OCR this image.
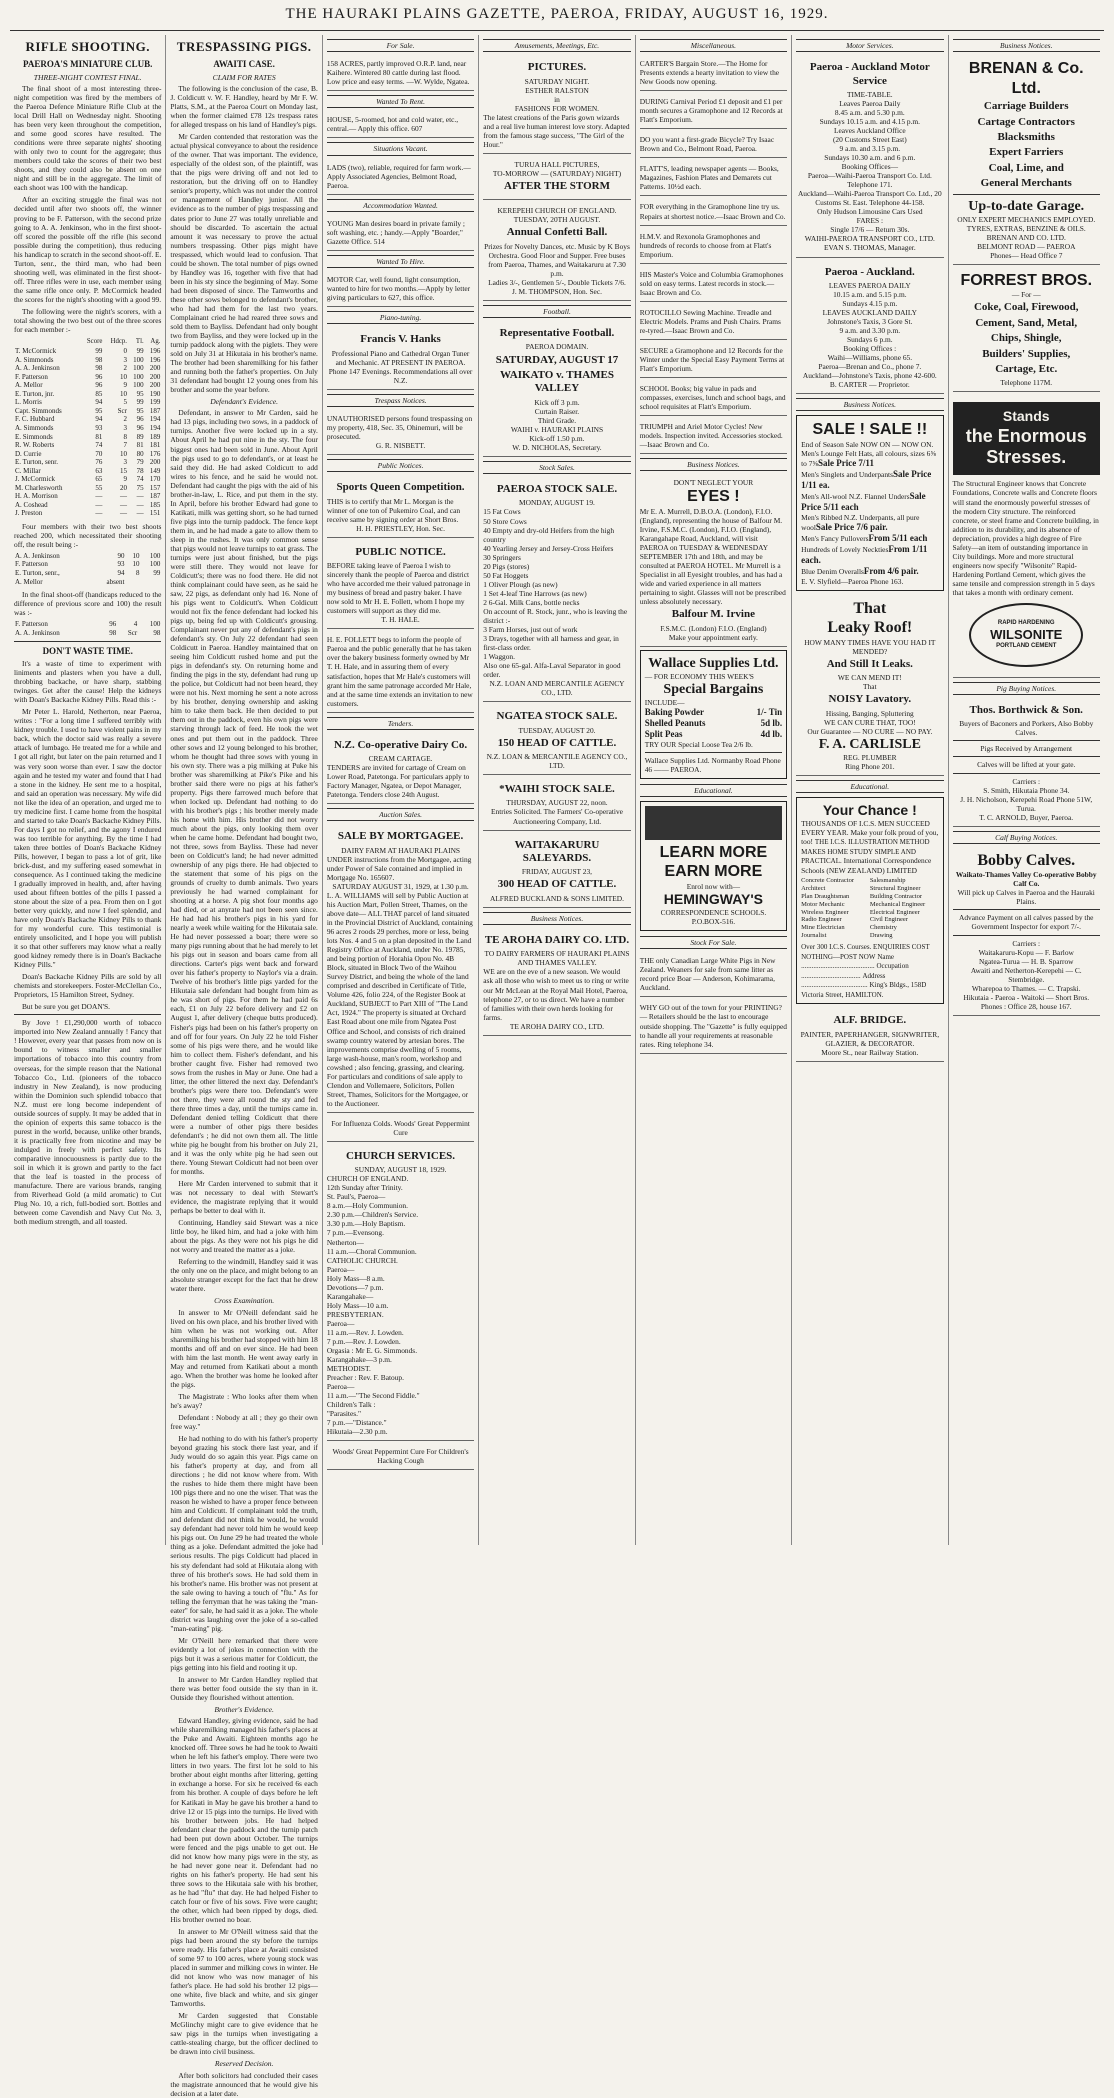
THE HAURAKI PLAINS GAZETTE, PAEROA, FRIDAY, AUGUST 16, 1929.
RIFLE SHOOTING.
PAEROA'S MINIATURE CLUB.
THREE-NIGHT CONTEST FINAL.

The final shoot of a most interesting three-night competition was fired by the members of the Paeroa Defence Miniature Rifle Club at the local Drill Hall on Wednesday night. Shooting has been very keen throughout the competition, and some good scores have resulted. The conditions were three separate nights' shooting with only two to count for the aggregate; thus members could take the scores of their two best shoots, and they could also be absent on one night and still be in the aggregate. The limit of each shoot was 100 with the handicap.

After an exciting struggle the final was not decided until after two shoots off, the winner proving to be F. Patterson, with the second prize going to A. A. Jenkinson, who in the first shoot-off scored the possible off the rifle (his second possible during the competition), thus reducing his handicap to scratch in the second shoot-off. E. Turton, senr., the third man, who had been shooting well, was eliminated in the first shoot-off. Three rifles were in use, each member using the same rifle once only. P. McCormick headed the scores for the night's shooting with a good 99.

The following were the night's scorers, with a total showing the two best out of the three scores for each member :-

	Score	Hdcp.	Tl.	Ag.
T. McCormick	99	0	99	196
A. Simmonds	98	3	100	196
A. A. Jenkinson	98	2	100	200
F. Patterson	96	10	100	200
A. Mellor	96	9	100	200
E. Turton, jnr.	85	10	95	190
L. Morris	94	5	99	199
Capt. Simmonds	95	Scr	95	187
F. C. Hubbard	94	2	96	194
A. Simmonds	93	3	96	194
E. Simmonds	81	8	89	189
R. W. Roberts	74	7	81	181
D. Currie	70	10	80	176
E. Turton, senr.	76	3	79	200
C. Millar	63	15	78	149
J. McCormick	65	9	74	170
M. Charlesworth	55	20	75	157
H. A. Morrison	—	—	—	187
A. Coshead	—	—	—	185
J. Preston	—	—	—	151

Four members with their two best shoots reached 200, which necessitated their shooting off, the result being :-

A. A. Jenkinson	90	10	100
F. Patterson	93	10	100
E. Turton, senr.,	94	8	99
A. Mellor	absent		

In the final shoot-off (handicaps reduced to the difference of previous score and 100) the result was :-

F. Patterson	96	4	100
A. A. Jenkinson	98	Scr	98
DON'T WASTE TIME.

It's a waste of time to experiment with liniments and plasters when you have a dull, throbbing backache, or have sharp, stabbing twinges. Get after the cause! Help the kidneys with Doan's Backache Kidney Pills. Read this :-

Mr Peter L. Harold, Netherton, near Paeroa, writes : "For a long time I suffered terribly with kidney trouble. I used to have violent pains in my back, which the doctor said was really a severe attack of lumbago. He treated me for a while and I got all right, but later on the pain returned and I was very soon worse than ever. I saw the doctor again and he tested my water and found that I had a stone in the kidney. He sent me to a hospital, and said an operation was necessary. My wife did not like the idea of an operation, and urged me to try medicine first. I came home from the hospital and started to take Doan's Backache Kidney Pills. For days I got no relief, and the agony I endured was too terrible for anything. By the time I had taken three bottles of Doan's Backache Kidney Pills, however, I began to pass a lot of grit, like brick-dust, and my suffering eased somewhat in consequence. As I continued taking the medicine I gradually improved in health, and, after having used about fifteen bottles of the pills I passed a stone about the size of a pea. From then on I got better very quickly, and now I feel splendid, and have only Doan's Backache Kidney Pills to thank for my wonderful cure. This testimonial is entirely unsolicited, and I hope you will publish it so that other sufferers may know what a really good kidney remedy there is in Doan's Backache Kidney Pills."

Doan's Backache Kidney Pills are sold by all chemists and storekeepers. Foster-McClellan Co., Proprietors, 15 Hamilton Street, Sydney.

But be sure you get DOAN'S.

By Jove ! £1,290,000 worth of tobacco imported into New Zealand annually ! Fancy that ! However, every year that passes from now on is bound to witness smaller and smaller importations of tobacco into this country from overseas, for the simple reason that the National Tobacco Co., Ltd. (pioneers of the tobacco industry in New Zealand), is now producing within the Dominion such splendid tobacco that N.Z. must ere long become independent of outside sources of supply. It may be added that in the opinion of experts this same tobacco is the purest in the world, because, unlike other brands, it is practically free from nicotine and may be indulged in freely with perfect safety. Its comparative innocuousness is partly due to the soil in which it is grown and partly to the fact that the leaf is toasted in the process of manufacture. There are various brands, ranging from Riverhead Gold (a mild aromatic) to Cut Plug No. 10, a rich, full-bodied sort. Bottles and between come Cavendish and Navy Cut No. 3, both medium strength, and all toasted.

TRESPASSING PIGS.
AWAITI CASE.
CLAIM FOR RATES

The following is the conclusion of the case, B. J. Coldicutt v. W. F. Handley, heard by Mr F. W. Platts, S.M., at the Paeroa Court on Monday last, when the former claimed £78 12s trespass rates for alleged trespass on his land of Handley's pigs.

Mr Carden contended that restoration was the actual physical conveyance to about the residence of the owner. That was important. The evidence, especially of the oldest son, of the plaintiff, was that the pigs were driving off and not led to restoration, but the driving off on to Handley senior's property, which was not under the control or management of Handley junior. All the evidence as to the number of pigs trespassing and dates prior to June 27 was totally unreliable and should be discarded. To ascertain the actual amount it was necessary to prove the actual numbers trespassing. Other pigs might have trespassed, which would lead to confusion. That could be shown. The total number of pigs owned by Handley was 16, together with five that had been in his sty since the beginning of May. Some had been disposed of since. The Tamworths and these other sows belonged to defendant's brother, who had had them for the last two years. Complainant cried he had reared three sows and sold them to Bayliss. Defendant had only bought two from Bayliss, and they were locked up in the turnip paddock along with the piglets. They were sold on July 31 at Hikutaia in his brother's name. The brother had been sharemilking for his father and running both the father's properties. On July 31 defendant had bought 12 young ones from his brother and some the year before.

Defendant's Evidence.

Defendant, in answer to Mr Carden, said he had 13 pigs, including two sows, in a paddock of turnips. Another five were locked up in a sty. About April he had put nine in the sty. The four biggest ones had been sold in June. About April the pigs used to go to defendant's, or at least he said they did. He had asked Coldicutt to add wires to his fence, and he said he would not. Defendant had caught the pigs with the aid of his brother-in-law, L. Rice, and put them in the sty. In April, before his brother Edward had gone to Katikati, milk was getting short, so he had turned five pigs into the turnip paddock. The fence kept them in, and he had made a gate to allow them to sleep in the rushes. It was only common sense that pigs would not leave turnips to eat grass. The turnips were just about finished, but the pigs were still there. They would not leave for Coldicutt's; there was no food there. He did not think complainant could have seen, as he said he saw, 22 pigs, as defendant only had 16. None of his pigs went to Coldicutt's. When Coldicutt would not fix the fence defendant had locked his pigs up, being fed up with Coldicutt's grousing. Complainant never put any of defendant's pigs in defendant's sty. On July 22 defendant had seen Coldicutt in Paeroa. Handley maintained that on seeing him Coldicutt rushed home and put the pigs in defendant's sty. On returning home and finding the pigs in the sty, defendant had rung up the police, but Coldicutt had not been heard, they were not his. Next morning he sent a note across by his brother, denying ownership and asking him to take them back. He then decided to put them out in the paddock, even his own pigs were starving through lack of feed. He took the wet ones and put them out in the paddock. Three other sows and 12 young belonged to his brother, whom he thought had three sows with young in his own sty. There was a pig milking at Puke his brother was sharemilking at Pike's Pike and his brother said there were no pigs at his father's property. Pigs there farrowed much before that when locked up. Defendant had nothing to do with his brother's pigs ; his brother merely made his home with him. His brother did not worry much about the pigs, only looking them over when he came home. Defendant had bought two, not three, sows from Bayliss. These had never been on Coldicutt's land; he had never admitted ownership of any pigs there. He had objected to the statement that some of his pigs on the grounds of cruelty to dumb animals. Two years previously he had warned complainant for shooting at a horse. A pig shot four months ago had died, or at anyrate had not been seen since. He had had his brother's pigs in his yard for nearly a week while waiting for the Hikutaia sale. He had never possessed a boar; there were so many pigs running about that he had merely to let his pigs out in season and boars came from all directions. Carter's pigs went back and forward over his father's property to Naylor's via a drain. Twelve of his brother's little pigs yarded for the Hikutaia sale defendant had bought from him as he was short of pigs. For them he had paid 6s each, £1 on July 22 before delivery and £2 on August 1, after delivery (cheque butts produced). Fisher's pigs had been on his father's property on and off for four years. On July 22 he told Fisher some of his pigs were there, and he would like him to collect them. Fisher's defendant, and his brother caught five. Fisher had removed two sows from the rushes in May or June. One had a litter, the other littered the next day. Defendant's brother's pigs were there too. Defendant's were not there, they were all round the sty and fed there three times a day, until the turnips came in. Defendant denied telling Coldicutt that there were a number of other pigs there besides defendant's ; he did not own them all. The little white pig he bought from his brother on July 21, and it was the only white pig he had seen out there. Young Stewart Coldicutt had not been over for months.

Here Mr Carden intervened to submit that it was not necessary to deal with Stewart's evidence, the magistrate replying that it would perhaps be better to deal with it.

Continuing, Handley said Stewart was a nice little boy, he liked him, and had a joke with him about the pigs. As they were not his pigs he did not worry and treated the matter as a joke.

Referring to the windmill, Handley said it was the only one on the place, and might belong to an absolute stranger except for the fact that he drew water there.

Cross Examination.

In answer to Mr O'Neill defendant said he lived on his own place, and his brother lived with him when he was not working out. After sharemilking his brother had stopped with him 18 months and off and on ever since. He had been with him the last month. He went away early in May and returned from Katikati about a month ago. When the brother was home he looked after the pigs.

The Magistrate : Who looks after them when he's away?

Defendant : Nobody at all ; they go their own free way."

He had nothing to do with his father's property beyond grazing his stock there last year, and if Judy would do so again this year. Pigs came on his father's property at day, and from all directions ; he did not know where from. With the rushes to hide them there might have been 100 pigs there and no one the wiser. That was the reason he wished to have a proper fence between him and Coldicutt. If complainant told the truth, and defendant did not think he would, he would say defendant had never told him he would keep his pigs out. On June 29 he had treated the whole thing as a joke. Defendant admitted the joke had serious results. The pigs Coldicutt had placed in his sty defendant had sold at Hikutaia along with three of his brother's sows. He had sold them in his brother's name. His brother was not present at the sale owing to having a touch of "flu." As for telling the ferryman that he was taking the "man-eater" for sale, he had said it as a joke. The whole district was laughing over the joke of a so-called "man-eating" pig.

Mr O'Neill here remarked that there were evidently a lot of jokes in connection with the pigs but it was a serious matter for Coldicutt, the pigs getting into his field and rooting it up.

In answer to Mr Carden Handley replied that there was better food outside the sty than in it. Outside they flourished without attention.

Brother's Evidence.

Edward Handley, giving evidence, said he had while sharemilking managed his father's places at the Puke and Awaiti. Eighteen months ago he knocked off. Three sows he had he took to Awaiti when he left his father's employ. There were two litters in two years. The first lot he sold to his brother about eight months after littering, getting in exchange a horse. For six he received 6s each from his brother. A couple of days before he left for Katikati in May he gave his brother a hand to drive 12 or 15 pigs into the turnips. He lived with his brother between jobs. He had helped defendant clear the paddock and the turnip patch had been put down about October. The turnips were fenced and the pigs unable to get out. He did not know how many pigs were in the sty, as he had never gone near it. Defendant had no rights on his father's property. He had sent his three sows to the Hikutaia sale with his brother, as he had "flu" that day. He had helped Fisher to catch four or five of his sows. Five were caught; the other, which had been ripped by dogs, died. His brother owned no boar.

In answer to Mr O'Neill witness said that the pigs had been around the sty before the turnips were ready. His father's place at Awaiti consisted of some 97 to 100 acres, where young stock was placed in summer and milking cows in winter. He did not know who was now manager of his father's place. He had sold his brother 12 pigs—one white, five black and white, and six ginger Tamworths.

Mr Carden suggested that Constable McGlinchy might care to give evidence that he saw pigs in the turnips when investigating a cattle-stealing charge, but the officer declined to be drawn into civil business.

Reserved Decision.

After both solicitors had concluded their cases the magistrate announced that he would give his decision at a later date.

For Sale.
158 ACRES, partly improved O.R.P. land, near Kaihere. Wintered 80 cattle during last flood. Low price and easy terms. —W. Wylde, Ngatea.
Wanted To Rent.
HOUSE, 5-roomed, hot and cold water, etc., central.— Apply this office. 607
Situations Vacant.
LADS (two), reliable, required for farm work.—Apply Associated Agencies, Belmont Road, Paeroa.
Accommodation Wanted.
YOUNG Man desires board in private family ; soft washing, etc. ; handy.—Apply "Boarder," Gazette Office. 514
Wanted To Hire.
MOTOR Car, well found, light consumption, wanted to hire for two months.—Apply by letter giving particulars to 627, this office.
Piano-tuning.
Francis V. Hanks
Professional Piano and Cathedral Organ Tuner and Mechanic. AT PRESENT IN PAEROA. Phone 147 Evenings. Recommendations all over N.Z.
Trespass Notices.
UNAUTHORISED persons found trespassing on my property, 418, Sec. 35, Ohinemuri, will be prosecuted.
G. R. NISBETT.
Public Notices.
Sports Queen Competition.
THIS is to certify that Mr L. Morgan is the winner of one ton of Pukemiro Coal, and can receive same by signing order at Short Bros.
H. H. PRIESTLEY, Hon. Sec.
PUBLIC NOTICE.
BEFORE taking leave of Paeroa I wish to sincerely thank the people of Paeroa and district who have accorded me their valued patronage in my business of bread and pastry baker. I have now sold to Mr H. E. Follett, whom I hope my customers will support as they did me.
T. H. HALE.
H. E. FOLLETT begs to inform the people of Paeroa and the public generally that he has taken over the bakery business formerly owned by Mr T. H. Hale, and in assuring them of every satisfaction, hopes that Mr Hale's customers will grant him the same patronage accorded Mr Hale, and at the same time extends an invitation to new customers.
Tenders.
N.Z. Co-operative Dairy Co.
CREAM CARTAGE.
TENDERS are invited for cartage of Cream on Lower Road, Patetonga. For particulars apply to Factory Manager, Ngatea, or Depot Manager, Patetonga. Tenders close 24th August.
Auction Sales.
SALE BY MORTGAGEE.
DAIRY FARM AT HAURAKI PLAINS
UNDER instructions from the Mortgagee, acting under Power of Sale contained and implied in Mortgage No. 165607.
SATURDAY AUGUST 31, 1929, at 1.30 p.m.
L. A. WILLIAMS will sell by Public Auction at his Auction Mart, Pollen Street, Thames, on the above date— ALL THAT parcel of land situated in the Provincial District of Auckland, containing 96 acres 2 roods 29 perches, more or less, being lots Nos. 4 and 5 on a plan deposited in the Land Registry Office at Auckland, under No. 19785, and being portion of Horahia Opou No. 4B Block, situated in Block Two of the Waihou Survey District, and being the whole of the land comprised and described in Certificate of Title, Volume 426, folio 224, of the Register Book at Auckland, SUBJECT to Part XIII of "The Land Act, 1924." The property is situated at Orchard East Road about one mile from Ngatea Post Office and School, and consists of rich drained swamp country watered by artesian bores. The improvements comprise dwelling of 5 rooms, large wash-house, man's room, workshop and cowshed ; also fencing, grassing, and clearing. For particulars and conditions of sale apply to Clendon and Vollemaere, Solicitors, Pollen Street, Thames, Solicitors for the Mortgagee, or to the Auctioneer.
For Influenza Colds. Woods' Great Peppermint Cure
CHURCH SERVICES.
SUNDAY, AUGUST 18, 1929.
CHURCH OF ENGLAND.
12th Sunday after Trinity.
St. Paul's, Paeroa—
8 a.m.—Holy Communion.
2.30 p.m.—Children's Service.
3.30 p.m.—Holy Baptism.
7 p.m.—Evensong.
Netherton—
11 a.m.—Choral Communion.
CATHOLIC CHURCH.
Paeroa—
Holy Mass—8 a.m.
Devotions—7 p.m.
Karangahake—
Holy Mass—10 a.m.
PRESBYTERIAN.
Paeroa—
11 a.m.—Rev. J. Lowden.
7 p.m.—Rev. J. Lowden.
Orgasia : Mr E. G. Simmonds.
Karangahake—3 p.m.
METHODIST.
Preacher : Rev. F. Batoup.
Paeroa—
11 a.m.—"The Second Fiddle."
Children's Talk :
"Parasites."
7 p.m.—"Distance."
Hikutaia—2.30 p.m.
Woods' Great Peppermint Cure For Children's Hacking Cough
Amusements, Meetings, Etc.
PICTURES.
SATURDAY NIGHT.
ESTHER RALSTON
in
FASHIONS FOR WOMEN.
The latest creations of the Paris gown wizards and a real live human interest love story. Adapted from the famous stage success, "The Girl of the Hour."
TURUA HALL PICTURES,
TO-MORROW — (SATURDAY) NIGHT)
AFTER THE STORM
KEREPEHI CHURCH OF ENGLAND.
TUESDAY, 20TH AUGUST.
Annual Confetti Ball.
Prizes for Novelty Dances, etc. Music by K Boys Orchestra. Good Floor and Supper. Free buses from Paeroa, Thames, and Waitakaruru at 7.30 p.m.
Ladies 3/-, Gentlemen 5/-, Double Tickets 7/6.
J. M. THOMPSON, Hon. Sec.
Football.
Representative Football.
PAEROA DOMAIN.
SATURDAY, AUGUST 17
WAIKATO v. THAMES VALLEY
Kick off 3 p.m.
Curtain Raiser.
Third Grade.
WAIHI v. HAURAKI PLAINS
Kick-off 1.50 p.m.
W. D. NICHOLAS, Secretary.
Stock Sales.
PAEROA STOCK SALE.
MONDAY, AUGUST 19.
15 Fat Cows
50 Store Cows
40 Empty and dry-old Heifers from the high country
40 Yearling Jersey and Jersey-Cross Heifers
30 Springers
20 Pigs (stores)
50 Fat Hoggets
1 Oliver Plough (as new)
1 Set 4-leaf Tine Harrows (as new)
2 6-Gal. Milk Cans, bottle necks
On account of R. Stock, junr., who is leaving the district :-
3 Farm Horses, just out of work
3 Drays, together with all harness and gear, in first-class order.
1 Waggon.
Also one 65-gal. Alfa-Laval Separator in good order.
N.Z. LOAN AND MERCANTILE AGENCY CO., LTD.
NGATEA STOCK SALE.
TUESDAY, AUGUST 20.
150 HEAD OF CATTLE.
N.Z. LOAN & MERCANTILE AGENCY CO., LTD.
*WAIHI STOCK SALE.
THURSDAY, AUGUST 22, noon.
Entries Solicited. The Farmers' Co-operative Auctioneering Company, Ltd.
WAITAKARURU SALEYARDS.
FRIDAY, AUGUST 23,
300 HEAD OF CATTLE.
ALFRED BUCKLAND & SONS LIMITED.
Business Notices.
TE AROHA DAIRY CO. LTD.
TO DAIRY FARMERS OF HAURAKI PLAINS AND THAMES VALLEY.
WE are on the eve of a new season. We would ask all those who wish to meet us to ring or write our Mr McLean at the Royal Mail Hotel, Paeroa, telephone 27, or to us direct. We have a number of families with their own herds looking for farms.
TE AROHA DAIRY CO., LTD.
Miscellaneous.
CARTER'S Bargain Store.—The Home for Presents extends a hearty invitation to view the New Goods now opening.
DURING Carnival Period £1 deposit and £1 per month secures a Gramophone and 12 Records at Flatt's Emporium.
DO you want a first-grade Bicycle? Try Isaac Brown and Co., Belmont Road, Paeroa.
FLATT'S, leading newspaper agents — Books, Magazines, Fashion Plates and Demarets cut Patterns. 10½d each.
FOR everything in the Gramophone line try us. Repairs at shortest notice.—Isaac Brown and Co.
H.M.V. and Rexonola Gramophones and hundreds of records to choose from at Flatt's Emporium.
HIS Master's Voice and Columbia Gramophones sold on easy terms. Latest records in stock.—Isaac Brown and Co.
ROTOCILLO Sewing Machine. Treadle and Electric Models. Prams and Push Chairs. Prams re-tyred.—Isaac Brown and Co.
SECURE a Gramophone and 12 Records for the Winter under the Special Easy Payment Terms at Flatt's Emporium.
SCHOOL Books; big value in pads and compasses, exercises, lunch and school bags, and school requisites at Flatt's Emporium.
TRIUMPH and Ariel Motor Cycles! New models. Inspection invited. Accessories stocked.—Isaac Brown and Co.
Business Notices.
DON'T NEGLECT YOUR
EYES !
Mr E. A. Murrell, D.B.O.A. (London), F.I.O. (England), representing the house of Balfour M. Irvine, F.S.M.C. (London), F.I.O. (England), Karangahape Road, Auckland, will visit PAEROA on TUESDAY & WEDNESDAY SEPTEMBER 17th and 18th, and may be consulted at PAEROA HOTEL. Mr Murrell is a Specialist in all Eyesight troubles, and has had a wide and varied experience in all matters pertaining to sight. Glasses will not be prescribed unless absolutely necessary.
Balfour M. Irvine
F.S.M.C. (London) F.I.O. (England)
Make your appointment early.
Wallace Supplies Ltd.
— FOR ECONOMY THIS WEEK'S
Special Bargains
INCLUDE—
Baking Powder	1/- Tin
Shelled Peanuts	5d lb.
Split Peas	4d lb.
TRY OUR Special Loose Tea 2/6 lb.
Wallace Supplies Ltd. Normanby Road Phone 46 —— PAEROA.
Educational.
LEARN MORE
EARN MORE
Enrol now with—
HEMINGWAY'S
CORRESPONDENCE SCHOOLS. P.O.BOX-516.
Stock For Sale.
THE only Canadian Large White Pigs in New Zealand. Weaners for sale from same litter as record price Boar — Anderson, Kohimarama, Auckland.
WHY GO out of the town for your PRINTING? — Retailers should be the last to encourage outside shopping. The "Gazette" is fully equipped to handle all your requirements at reasonable rates. Ring telephone 34.
Motor Services.
Paeroa - Auckland Motor Service
TIME-TABLE.
Leaves Paeroa Daily
8.45 a.m. and 5.30 p.m.
Sundays 10.15 a.m. and 4.15 p.m.
Leaves Auckland Office
(20 Customs Street East)
9 a.m. and 3.15 p.m.
Sundays 10.30 a.m. and 6 p.m.
Booking Offices—
Paeroa—Waihi-Paeroa Transport Co. Ltd. Telephone 171.
Auckland—Waihi-Paeroa Transport Co. Ltd., 20 Customs St. East. Telephone 44-158.
Only Hudson Limousine Cars Used
FARES :
Single 17/6 — Return 30s.
WAIHI-PAEROA TRANSPORT CO., LTD.
EVAN S. THOMAS, Manager.
Paeroa - Auckland.
LEAVES PAEROA DAILY
10.15 a.m. and 5.15 p.m.
Sundays 4.15 p.m.
LEAVES AUCKLAND DAILY
Johnstone's Taxis, 3 Gore St.
9 a.m. and 3.30 p.m.
Sundays 6 p.m.
Booking Offices :
Waihi—Williams, phone 65.
Paeroa—Brenan and Co., phone 7.
Auckland—Johnstone's Taxis, phone 42-600.
B. CARTER — Proprietor.
Business Notices.
SALE ! SALE !!
End of Season Sale NOW ON — NOW ON.
Men's Lounge Felt Hats, all colours, sizes 6⅝ to 7⅝Sale Price 7/11
Men's Singlets and UnderpantsSale Price 1/11 ea.
Men's All-wool N.Z. Flannel UndersSale Price 5/11 each
Men's Ribbed N.Z. Underpants, all pure woolSale Price 7/6 pair.
Men's Fancy PulloversFrom 5/11 each
Hundreds of Lovely NecktiesFrom 1/11 each.
Blue Denim OverallsFrom 4/6 pair.
E. V. Slyfield—Paeroa Phone 163.
That
Leaky Roof!
HOW MANY TIMES HAVE YOU HAD IT MENDED?
And Still It Leaks.
WE CAN MEND IT!
That
NOISY Lavatory.
Hissing, Banging, Spluttering
WE CAN CURE THAT, TOO!
Our Guarantee — NO CURE — NO PAY.
F. A. CARLISLE
REG. PLUMBER
Ring Phone 201.
Educational.
Your Chance !
THOUSANDS OF I.C.S. MEN SUCCEED EVERY YEAR. Make your folk proud of you, too! THE I.C.S. ILLUSTRATION METHOD MAKES HOME STUDY SIMPLE AND PRACTICAL. International Correspondence Schools (NEW ZEALAND) LIMITED
Concrete Contractor	Salesmanship
Architect	Structural Engineer
Plan Draughtsman	Building Contractor
Motor Mechanic	Mechanical Engineer
Wireless Engineer	Electrical Engineer
Radio Engineer	Civil Engineer
Mine Electrician	Chemistry
Journalist	Drawing
Over 300 I.C.S. Courses. ENQUIRIES COST NOTHING—POST NOW Name .......................................... Occupation .................................. Address ...................................... King's Bldgs., 158D Victoria Street, HAMILTON.
ALF. BRIDGE.
PAINTER, PAPERHANGER, SIGNWRITER, GLAZIER, & DECORATOR.
Moore St., near Railway Station.
Business Notices.
BRENAN & Co. Ltd.
Carriage Builders
Cartage Contractors
Blacksmiths
Expert Farriers
Coal, Lime, and
General Merchants
Up-to-date Garage.
ONLY EXPERT MECHANICS EMPLOYED.
TYRES, EXTRAS, BENZINE & OILS.
BRENAN AND CO. LTD.
BELMONT ROAD — PAEROA
Phones— Head Office 7
FORREST BROS.
— For —
Coke, Coal, Firewood,
Cement, Sand, Metal,
Chips, Shingle,
Builders' Supplies,
Cartage, Etc.
Telephone 117M.
Stands
the Enormous
Stresses.
The Structural Engineer knows that Concrete Foundations, Concrete walls and Concrete floors will stand the enormously powerful stresses of the modern City structure. The reinforced concrete, or steel frame and Concrete building, in addition to its durability, and its absence of depreciation, provides a high degree of Fire Safety—an item of outstanding importance in City buildings. More and more structural engineers now specify "Wilsonite" Rapid-Hardening Portland Cement, which gives the same tensile and compression strength in 5 days that takes a month with ordinary cement.
RAPID HARDENING
WILSONITE
PORTLAND CEMENT
Pig Buying Notices.
Thos. Borthwick & Son.
Buyers of Baconers and Porkers, Also Bobby Calves.
Pigs Received by Arrangement
Calves will be lifted at your gate.
Carriers :
S. Smith, Hikutaia Phone 34.
J. H. Nicholson, Kerepehi Road Phone 51W, Turua.
T. C. ARNOLD, Buyer, Paeroa.
Calf Buying Notices.
Bobby Calves.
Waikato-Thames Valley Co-operative Bobby Calf Co.
Will pick up Calves in Paeroa and the Hauraki Plains.
Advance Payment on all calves passed by the Government Inspector for export 7/-.
Carriers :
Waitakaruru-Kopu — F. Barlow
Ngatea-Turua — H. B. Sparrow
Awaiti and Netherton-Kerepehi — C. Stembridge.
Wharepoa to Thames. — C. Trapski.
Hikutaia - Paeroa - Waitoki — Short Bros.
Phones : Office 28, house 167.
